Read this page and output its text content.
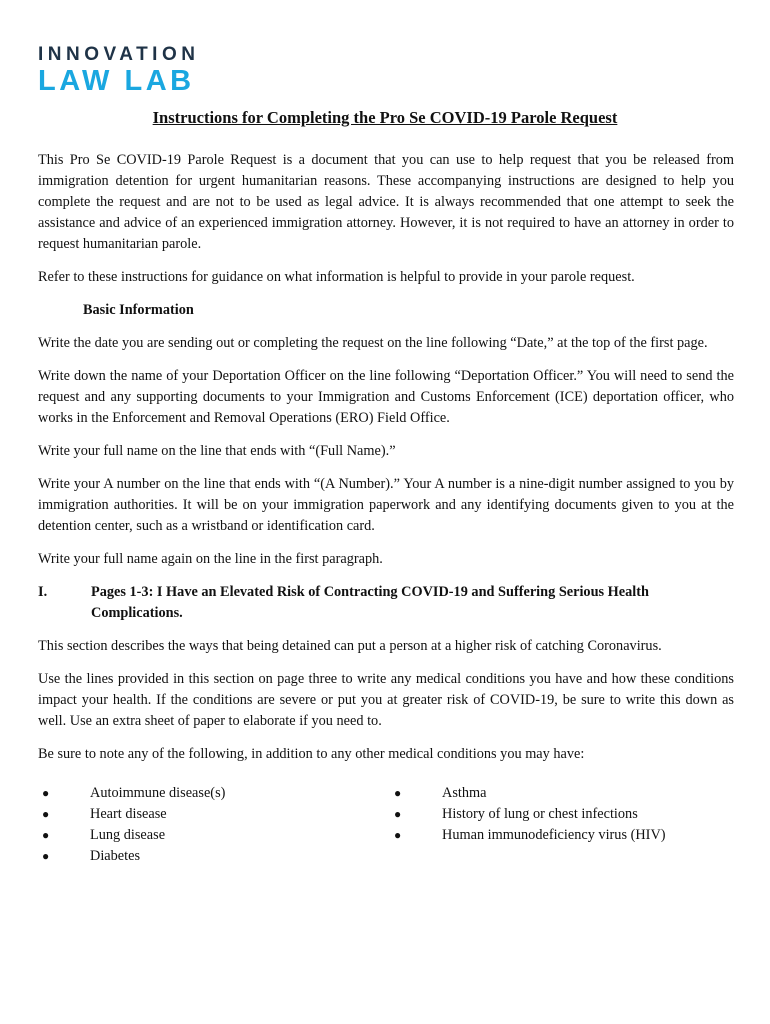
INNOVATION
LAW LAB
Instructions for Completing the Pro Se COVID-19 Parole Request

This Pro Se COVID-19 Parole Request is a document that you can use to help request that you be released from immigration detention for urgent humanitarian reasons. These accompanying instructions are designed to help you complete the request and are not to be used as legal advice. It is always recommended that one attempt to seek the assistance and advice of an experienced immigration attorney. However, it is not required to have an attorney in order to request humanitarian parole.

Refer to these instructions for guidance on what information is helpful to provide in your parole request.

Basic Information

Write the date you are sending out or completing the request on the line following “Date,” at the top of the first page.

Write down the name of your Deportation Officer on the line following “Deportation Officer.” You will need to send the request and any supporting documents to your Immigration and Customs Enforcement (ICE) deportation officer, who works in the Enforcement and Removal Operations (ERO) Field Office.

Write your full name on the line that ends with “(Full Name).”

Write your A number on the line that ends with “(A Number).” Your A number is a nine-digit number assigned to you by immigration authorities. It will be on your immigration paperwork and any identifying documents given to you at the detention center, such as a wristband or identification card.

Write your full name again on the line in the first paragraph.

I.	Pages 1-3: I Have an Elevated Risk of Contracting COVID-19 and Suffering Serious Health Complications.

This section describes the ways that being detained can put a person at a higher risk of catching Coronavirus.

Use the lines provided in this section on page three to write any medical conditions you have and how these conditions impact your health. If the conditions are severe or put you at greater risk of COVID-19, be sure to write this down as well. Use an extra sheet of paper to elaborate if you need to.

Be sure to note any of the following, in addition to any other medical conditions you may have:

●	Autoimmune disease(s)
●	Heart disease
●	Lung disease
●	Diabetes
●	Asthma
●	History of lung or chest infections
●	Human immunodeficiency virus (HIV)
